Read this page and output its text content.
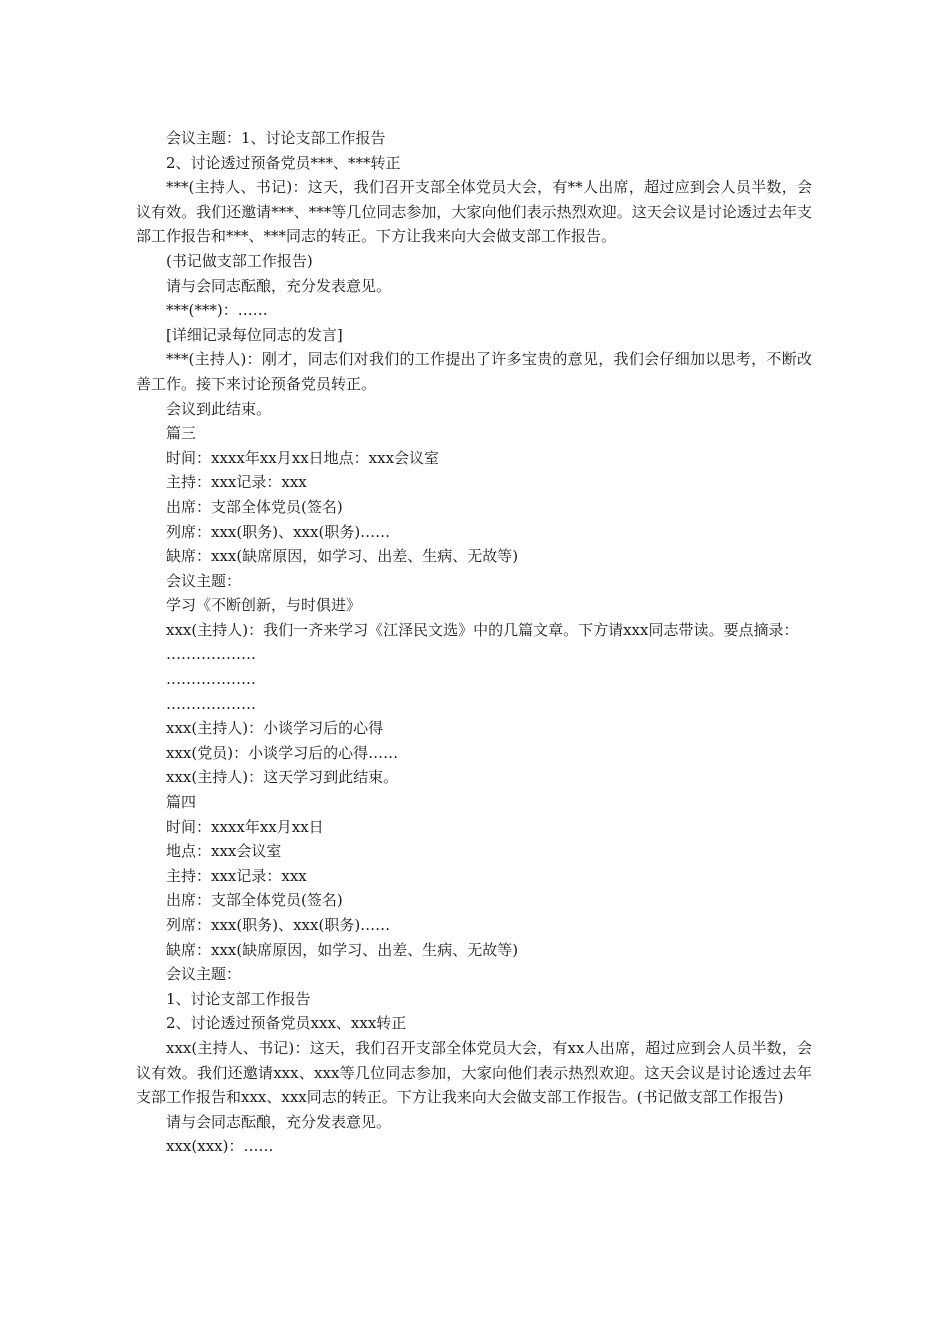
会议主题：1、讨论支部工作报告

2、讨论透过预备党员***、***转正

***(主持人、书记)：这天，我们召开支部全体党员大会，有**人出席，超过应到会人员半数，会议有效。我们还邀请***、***等几位同志参加，大家向他们表示热烈欢迎。这天会议是讨论透过去年支部工作报告和***、***同志的转正。下方让我来向大会做支部工作报告。

(书记做支部工作报告)

请与会同志酝酿，充分发表意见。

***(***)：……

[详细记录每位同志的发言]

***(主持人)：刚才，同志们对我们的工作提出了许多宝贵的意见，我们会仔细加以思考，不断改善工作。接下来讨论预备党员转正。

会议到此结束。

篇三

时间：xxxx年xx月xx日地点：xxx会议室

主持：xxx记录：xxx

出席：支部全体党员(签名)

列席：xxx(职务)、xxx(职务)……

缺席：xxx(缺席原因，如学习、出差、生病、无故等)

会议主题：

学习《不断创新，与时俱进》

xxx(主持人)：我们一齐来学习《江泽民文选》中的几篇文章。下方请xxx同志带读。要点摘录：

………………

………………

………………

xxx(主持人)：小谈学习后的心得

xxx(党员)：小谈学习后的心得……

xxx(主持人)：这天学习到此结束。

篇四

时间：xxxx年xx月xx日

地点：xxx会议室

主持：xxx记录：xxx

出席：支部全体党员(签名)

列席：xxx(职务)、xxx(职务)……

缺席：xxx(缺席原因，如学习、出差、生病、无故等)

会议主题：

1、讨论支部工作报告

2、讨论透过预备党员xxx、xxx转正

xxx(主持人、书记)：这天，我们召开支部全体党员大会，有xx人出席，超过应到会人员半数，会议有效。我们还邀请xxx、xxx等几位同志参加，大家向他们表示热烈欢迎。这天会议是讨论透过去年支部工作报告和xxx、xxx同志的转正。下方让我来向大会做支部工作报告。(书记做支部工作报告)

请与会同志酝酿，充分发表意见。

xxx(xxx)：……
